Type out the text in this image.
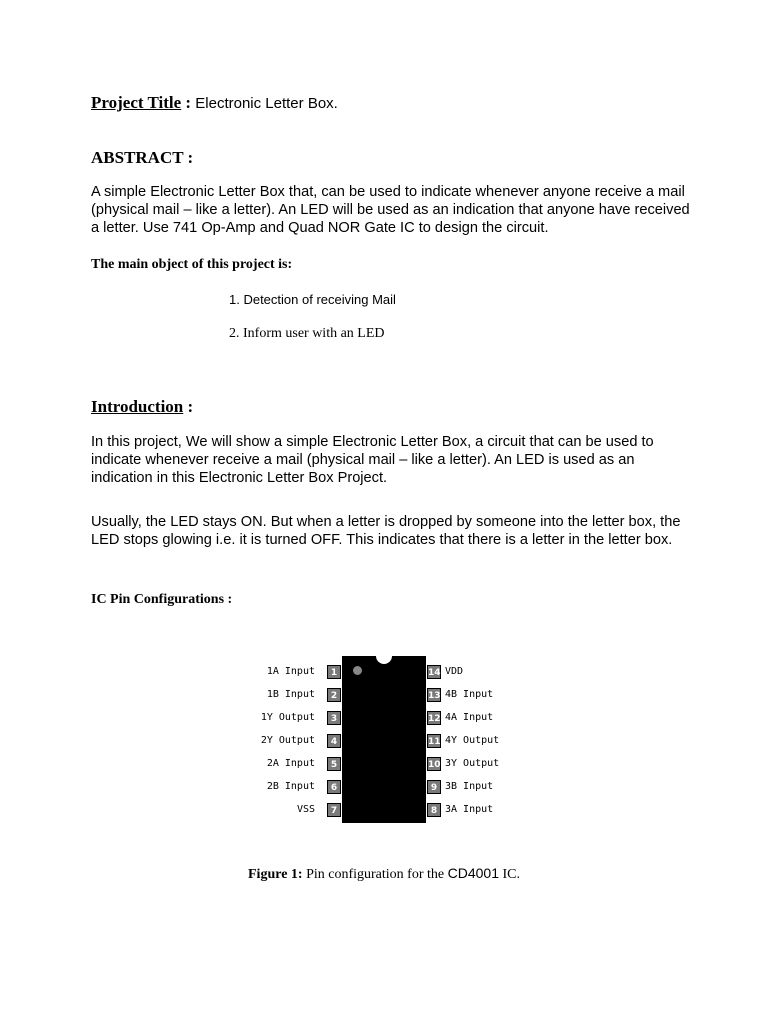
Project Title : Electronic Letter Box.

ABSTRACT :

A simple Electronic Letter Box that, can be used to indicate whenever anyone receive a mail (physical mail – like a letter). An LED will be used as an indication that anyone have received a letter. Use 741 Op-Amp and Quad NOR Gate IC to design the circuit.

The main object of this project is:

1. Detection of receiving Mail

2. Inform user with an LED

Introduction :

In this project, We will show a simple Electronic Letter Box, a circuit that can be used to indicate whenever receive a mail (physical mail – like a letter). An LED is used as an indication in this Electronic Letter Box Project.

Usually, the LED stays ON. But when a letter is dropped by someone into the letter box, the LED stops glowing i.e. it is turned OFF. This indicates that there is a letter in the letter box.

IC Pin Configurations :

1
2
3
4
5
6
7
1A Input
1B Input
1Y Output
2Y Output
2A Input
2B Input
VSS
14
13
12
11
10
9
8
VDD
4B Input
4A Input
4Y Output
3Y Output
3B Input
3A Input

Figure 1: Pin configuration for the CD4001 IC.
